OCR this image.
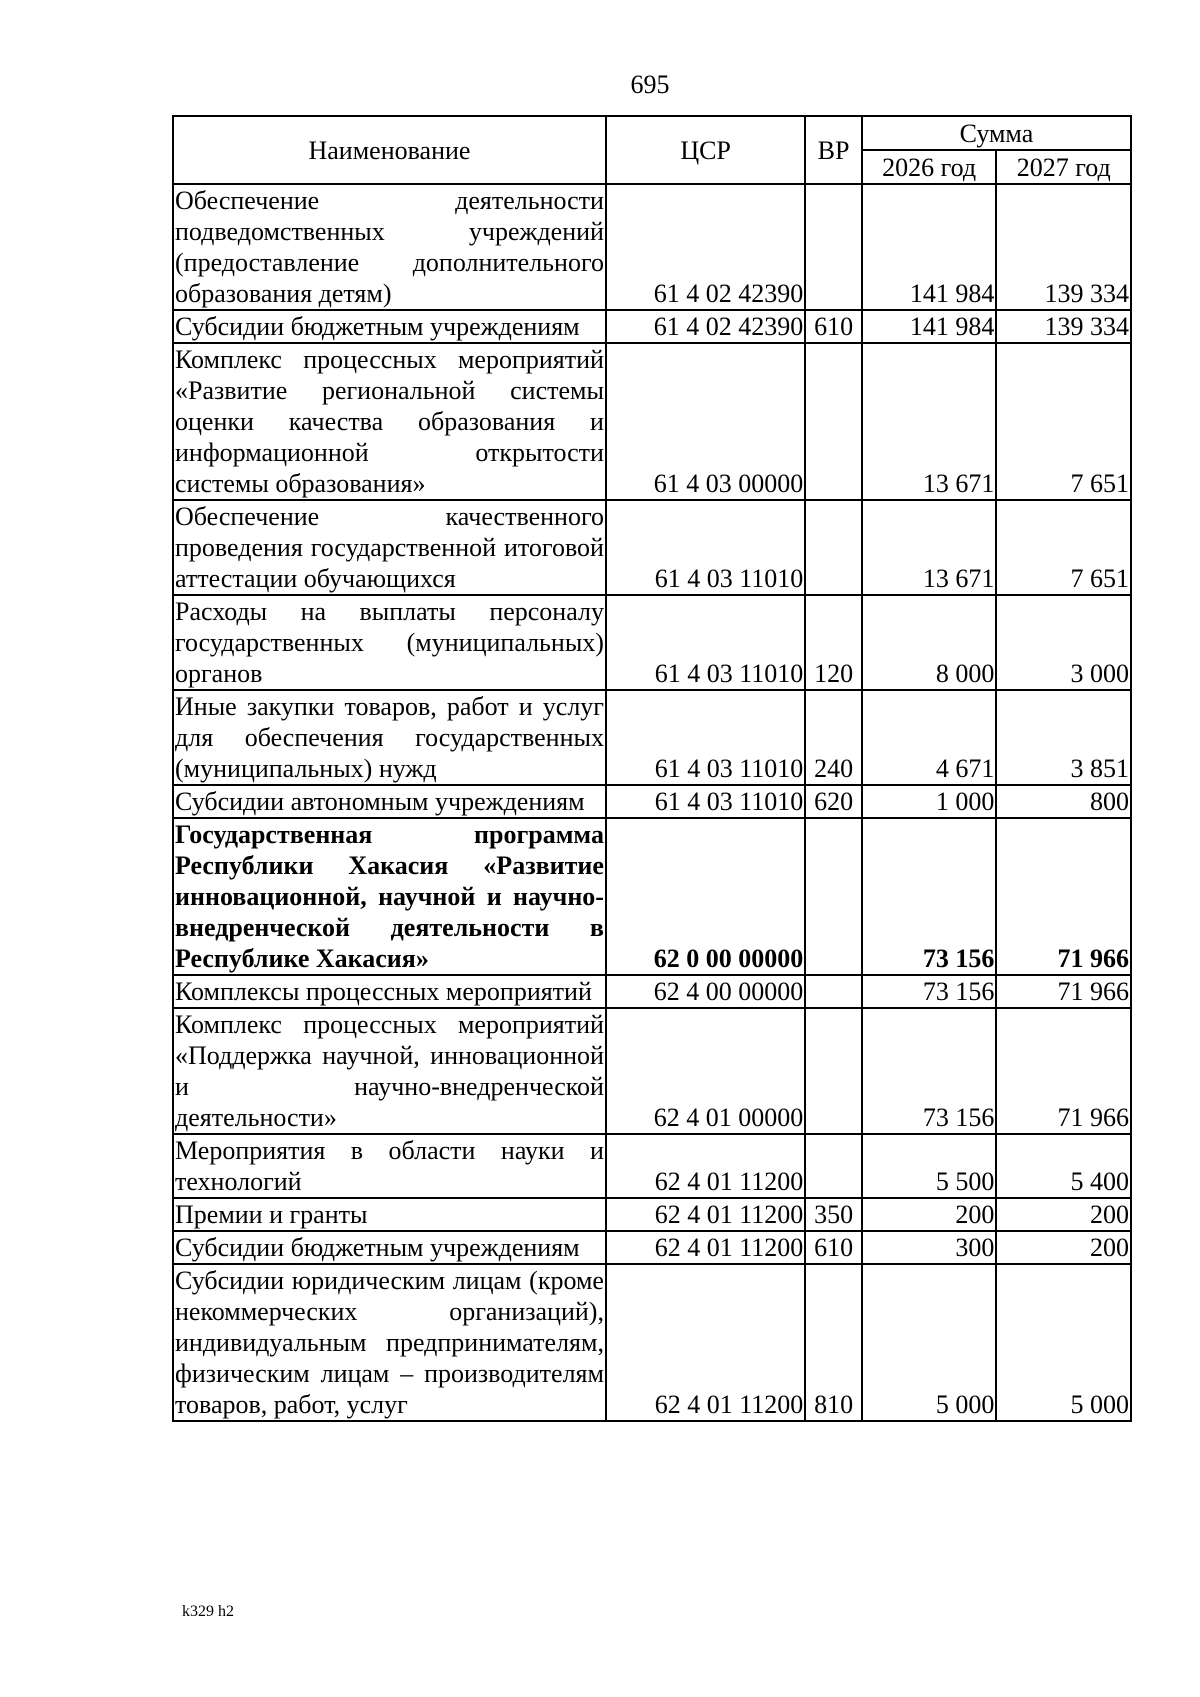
695
Наименование	ЦСР	ВР	Сумма	
			2026 год	2027 год
Обеспечение деятельности подведомственных учреждений (предоставление дополнительного образования детям)	61 4 02 42390		141 984	139 334
Субсидии бюджетным учреждениям	61 4 02 42390	610	141 984	139 334
Комплекс процессных мероприятий «Развитие региональной системы оценки качества образования и информационной открытости системы образования»	61 4 03 00000		13 671	7 651
Обеспечение качественного проведения государственной итоговой аттестации обучающихся	61 4 03 11010		13 671	7 651
Расходы на выплаты персоналу государственных (муниципальных) органов	61 4 03 11010	120	8 000	3 000
Иные закупки товаров, работ и услуг для обеспечения государственных (муниципальных) нужд	61 4 03 11010	240	4 671	3 851
Субсидии автономным учреждениям	61 4 03 11010	620	1 000	800
Государственная программа Республики Хакасия «Развитие инновационной, научной и научно-внедренческой деятельности в Республике Хакасия»	62 0 00 00000		73 156	71 966
Комплексы процессных мероприятий	62 4 00 00000		73 156	71 966
Комплекс процессных мероприятий «Поддержка научной, инновационной и научно-внедренческой деятельности»	62 4 01 00000		73 156	71 966
Мероприятия в области науки и технологий	62 4 01 11200		5 500	5 400
Премии и гранты	62 4 01 11200	350	200	200
Субсидии бюджетным учреждениям	62 4 01 11200	610	300	200
Субсидии юридическим лицам (кроме некоммерческих организаций), индивидуальным предпринимателям, физическим лицам – производителям товаров, работ, услуг	62 4 01 11200	810	5 000	5 000
k329 h2
